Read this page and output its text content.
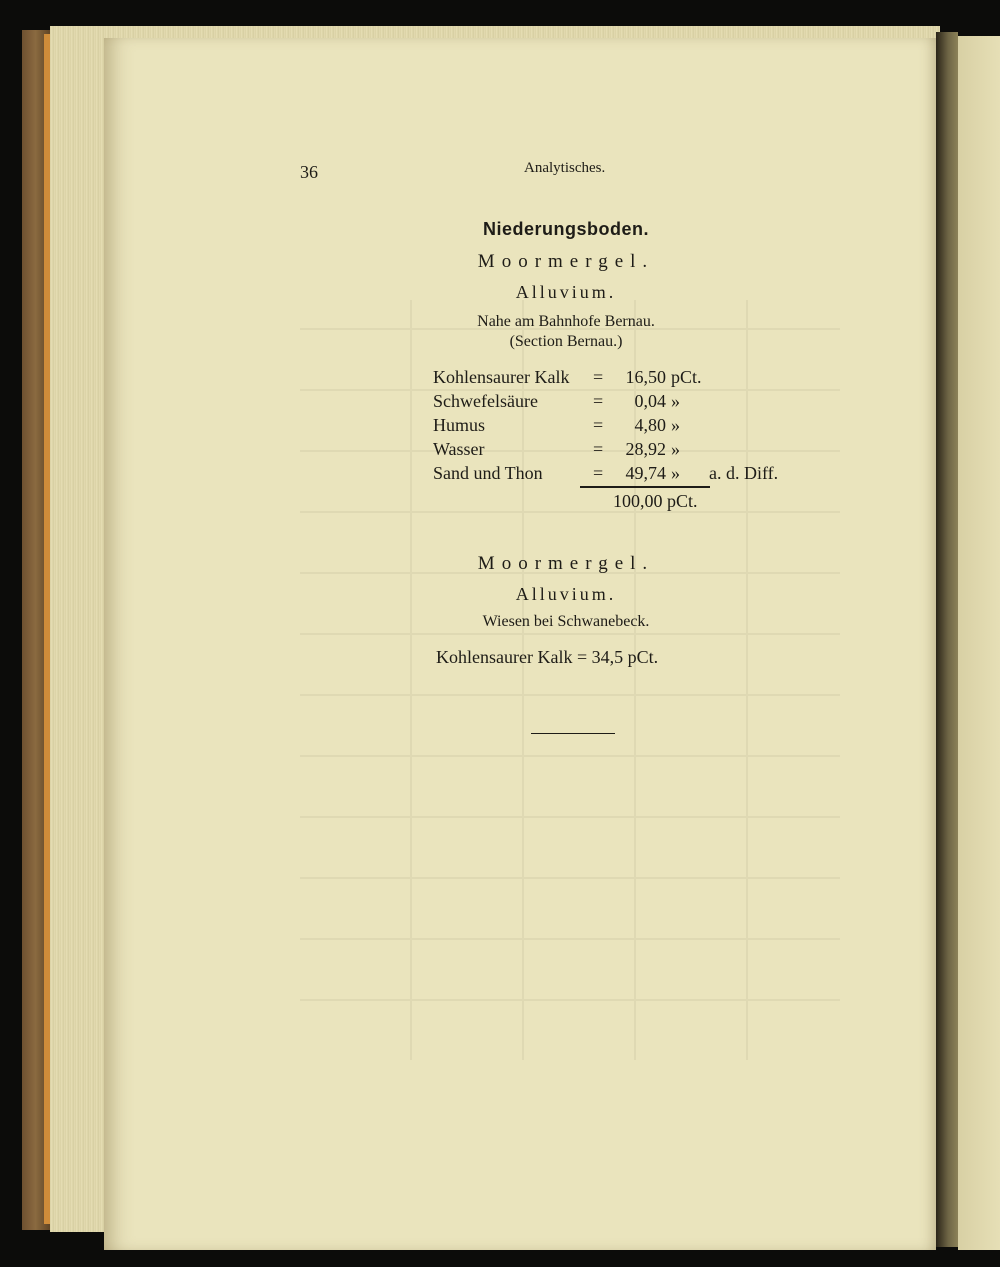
36	Analytisches.
Niederungsboden.
Moormergel.
Alluvium.
Nahe am Bahnhofe Bernau.
(Section Bernau.)
Kohlensaurer Kalk =	16,50 pCt.
Schwefelsäure	=	0,04 »
Humus	=	4,80 »
Wasser	=	28,92 »
Sand und Thon	=	49,74 » a. d. Diff.
100,00 pCt.
Moormergel.
Alluvium.
Wiesen bei Schwanebeck.
Kohlensaurer Kalk = 34,5 pCt.
